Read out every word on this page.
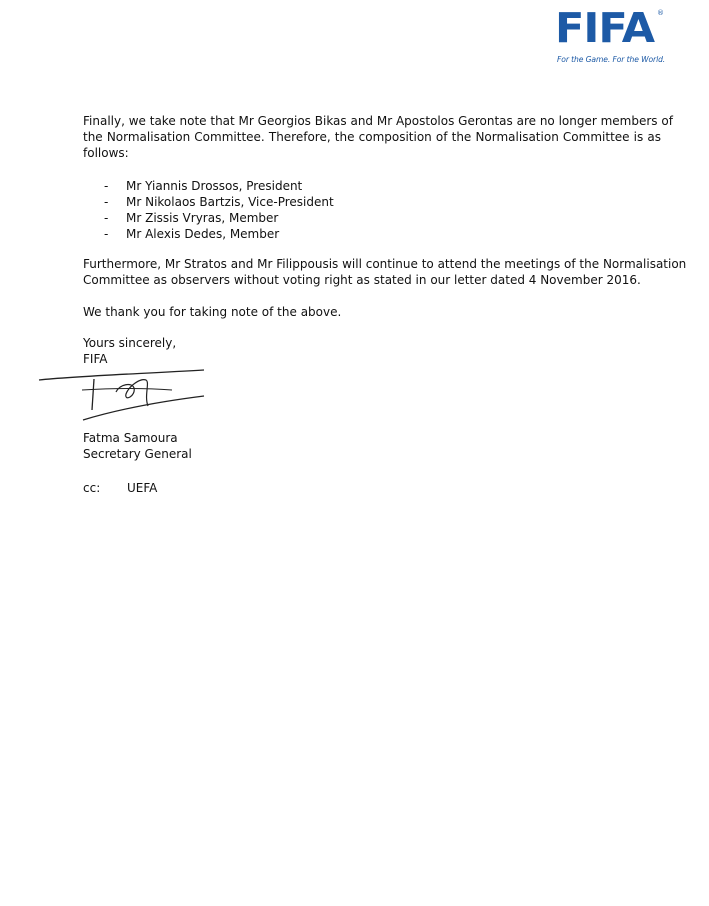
FIFA ®
For the Game. For the World.
Finally, we take note that Mr Georgios Bikas and Mr Apostolos Gerontas are no longer members of
the Normalisation Committee. Therefore, the composition of the Normalisation Committee is as
follows:
-	Mr Yiannis Drossos, President
-	Mr Nikolaos Bartzis, Vice-President
-	Mr Zissis Vryras, Member
-	Mr Alexis Dedes, Member
Furthermore, Mr Stratos and Mr Filippousis will continue to attend the meetings of the Normalisation
Committee as observers without voting right as stated in our letter dated 4 November 2016.
We thank you for taking note of the above.
Yours sincerely,
FIFA
Fatma Samoura
Secretary General
cc:	UEFA
